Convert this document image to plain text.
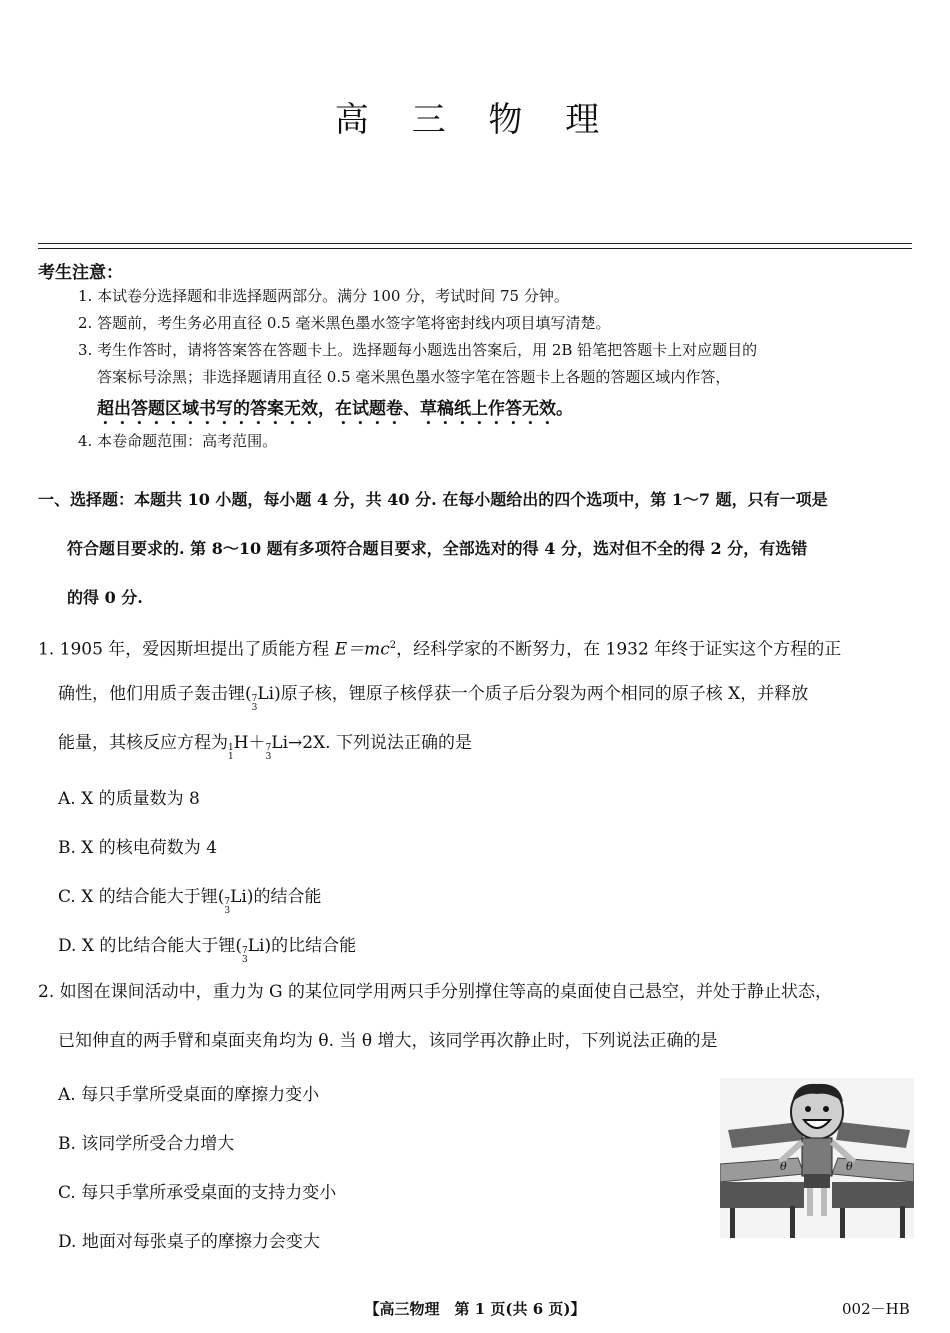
高 三 物 理
考生注意：
1. 本试卷分选择题和非选择题两部分。满分 100 分，考试时间 75 分钟。
2. 答题前，考生务必用直径 0.5 毫米黑色墨水签字笔将密封线内项目填写清楚。
3. 考生作答时，请将答案答在答题卡上。选择题每小题选出答案后，用 2B 铅笔把答题卡上对应题目的
答案标号涂黑；非选择题请用直径 0.5 毫米黑色墨水签字笔在答题卡上各题的答题区域内作答，
超出答题区域书写的答案无效，在试题卷、草稿纸上作答无效。
4. 本卷命题范围：高考范围。
一、选择题：本题共 10 小题，每小题 4 分，共 40 分. 在每小题给出的四个选项中，第 1～7 题，只有一项是
符合题目要求的. 第 8～10 题有多项符合题目要求，全部选对的得 4 分，选对但不全的得 2 分，有选错
的得 0 分.
1. 1905 年，爱因斯坦提出了质能方程 $E=mc^2$，经科学家的不断努力，在 1932 年终于证实这个方程的正
确性，他们用质子轰击锂( 7
3
Li)原子核，锂原子核俘获一个质子后分裂为两个相同的原子核 X，并释放
能量，其核反应方程为 1
1
H＋ 7
3
Li→2X. 下列说法正确的是
A. X 的质量数为 8
B. X 的核电荷数为 4
C. X 的结合能大于锂( 7
3
Li)的结合能
D. X 的比结合能大于锂( 7
3
Li)的比结合能
2. 如图在课间活动中，重力为 G 的某位同学用两只手分别撑住等高的桌面使自己悬空，并处于静止状态，
已知伸直的两手臂和桌面夹角均为 θ. 当 θ 增大，该同学再次静止时，下列说法正确的是
A. 每只手掌所受桌面的摩擦力变小
B. 该同学所受合力增大
C. 每只手掌所承受桌面的支持力变小
D. 地面对每张桌子的摩擦力会变大
θ	θ
【高三物理　第 1 页(共 6 页)】	002－HB
